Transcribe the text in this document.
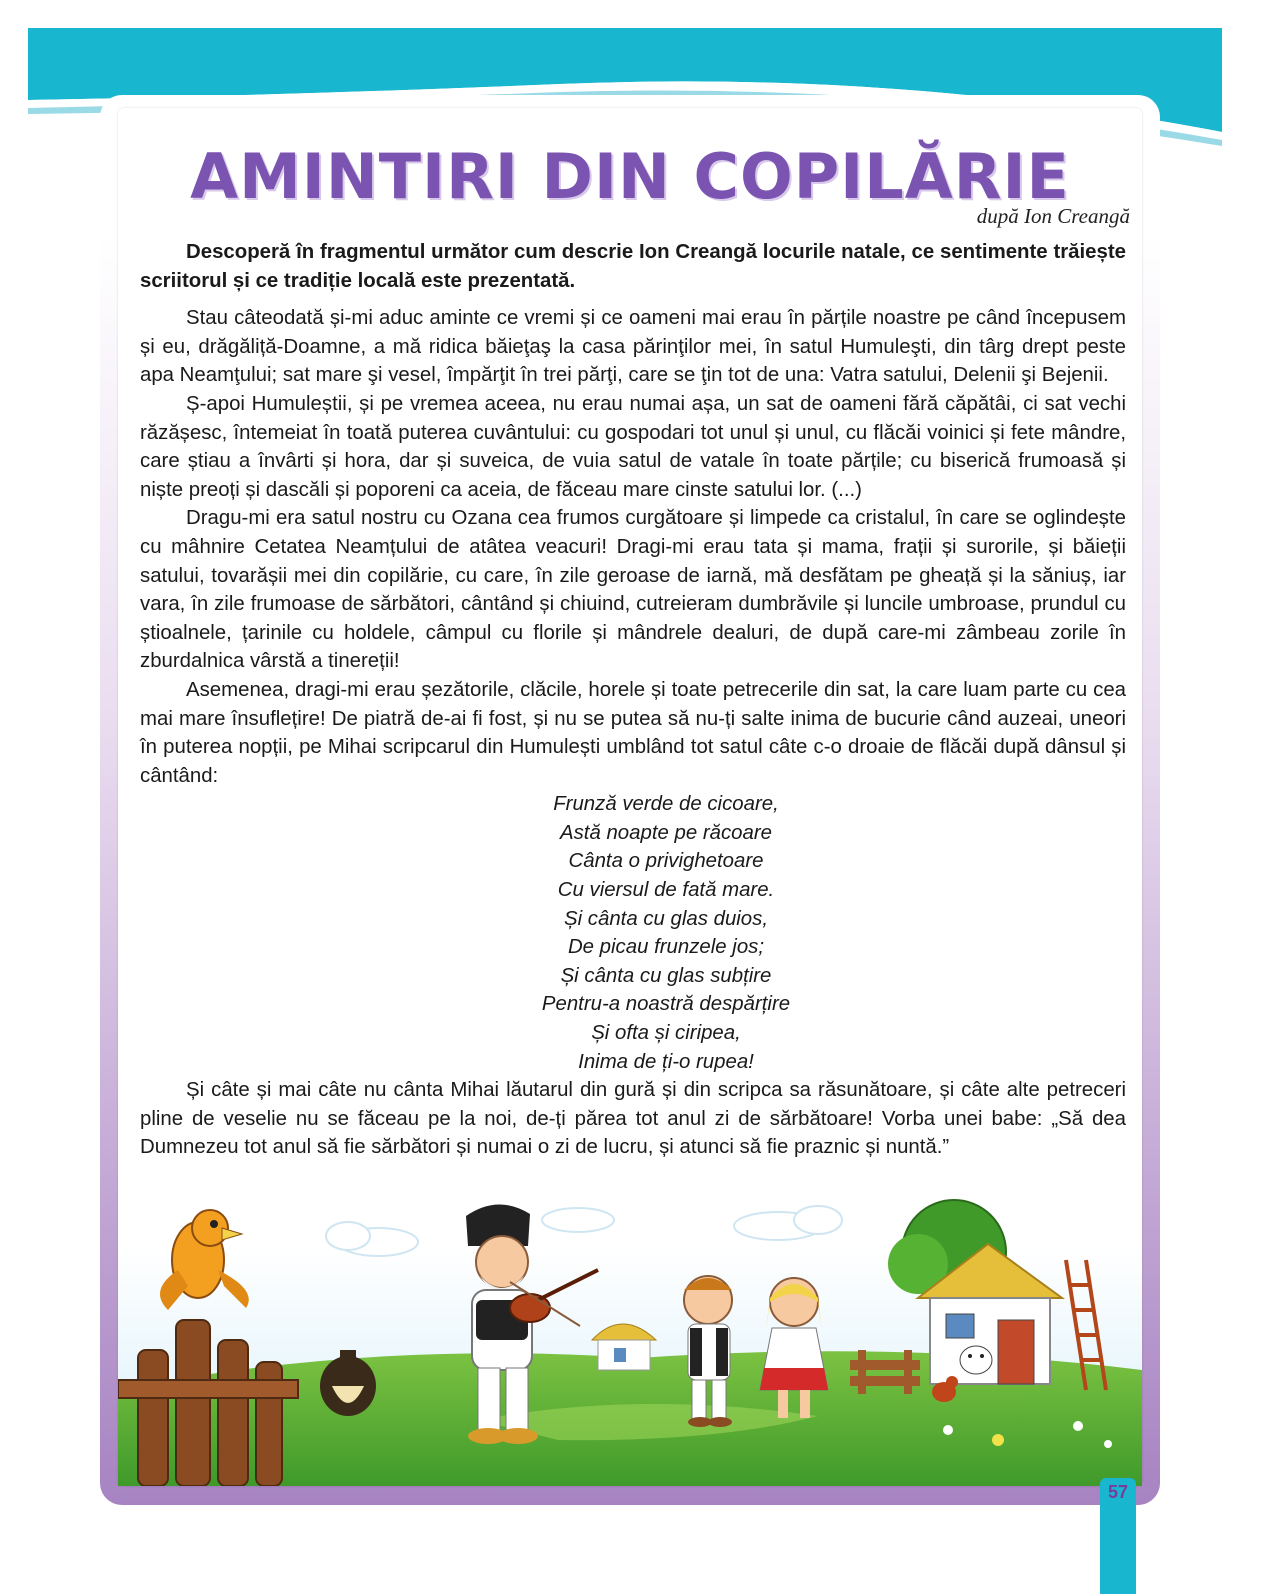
AMINTIRI DIN COPILĂRIE
după Ion Creangă

Descoperă în fragmentul următor cum descrie Ion Creangă locurile natale, ce sentimente trăiește scriitorul și ce tradiție locală este prezentată.

Stau câteodată și-mi aduc aminte ce vremi și ce oameni mai erau în părțile noastre pe când începusem și eu, drăgăliță-Doamne, a mă ridica băieţaş la casa părinţilor mei, în satul Humuleşti, din târg drept peste apa Neamţului; sat mare şi vesel, împărţit în trei părţi, care se ţin tot de una: Vatra satului, Delenii şi Bejenii.

Ș-apoi Humuleștii, și pe vremea aceea, nu erau numai așa, un sat de oameni fără căpătâi, ci sat vechi răzășesc, întemeiat în toată puterea cuvântului: cu gospodari tot unul și unul, cu flăcăi voinici și fete mândre, care știau a învârti și hora, dar și suveica, de vuia satul de vatale în toate părțile; cu biserică frumoasă și niște preoți și dascăli și poporeni ca aceia, de făceau mare cinste satului lor. (...)

Dragu-mi era satul nostru cu Ozana cea frumos curgătoare și limpede ca cristalul, în care se oglindește cu mâhnire Cetatea Neamțului de atâtea veacuri! Dragi-mi erau tata și mama, frații și surorile, și băieții satului, tovarășii mei din copilărie, cu care, în zile geroase de iarnă, mă desfătam pe gheață și la săniuș, iar vara, în zile frumoase de sărbători, cântând și chiuind, cutreieram dumbrăvile și luncile umbroase, prundul cu știoalnele, țarinile cu holdele, câmpul cu florile și mândrele dealuri, de după care-mi zâmbeau zorile în zburdalnica vârstă a tinereții!

Asemenea, dragi-mi erau șezătorile, clăcile, horele și toate petrecerile din sat, la care luam parte cu cea mai mare însuflețire! De piatră de-ai fi fost, și nu se putea să nu-ți salte inima de bucurie când auzeai, uneori în puterea nopții, pe Mihai scripcarul din Humulești umblând tot satul câte c-o droaie de flăcăi după dânsul și cântând:

Frunză verde de cicoare,
Astă noapte pe răcoare
Cânta o privighetoare
Cu viersul de fată mare.
Și cânta cu glas duios,
De picau frunzele jos;
Și cânta cu glas subțire
Pentru-a noastră despărțire
Și ofta și ciripea,
Inima de ți-o rupea!

Și câte și mai câte nu cânta Mihai lăutarul din gură și din scripca sa răsunătoare, și câte alte petreceri pline de veselie nu se făceau pe la noi, de-ți părea tot anul zi de sărbătoare! Vorba unei babe: „Să dea Dumnezeu tot anul să fie sărbători și numai o zi de lucru, și atunci să fie praznic și nuntă.”

57
